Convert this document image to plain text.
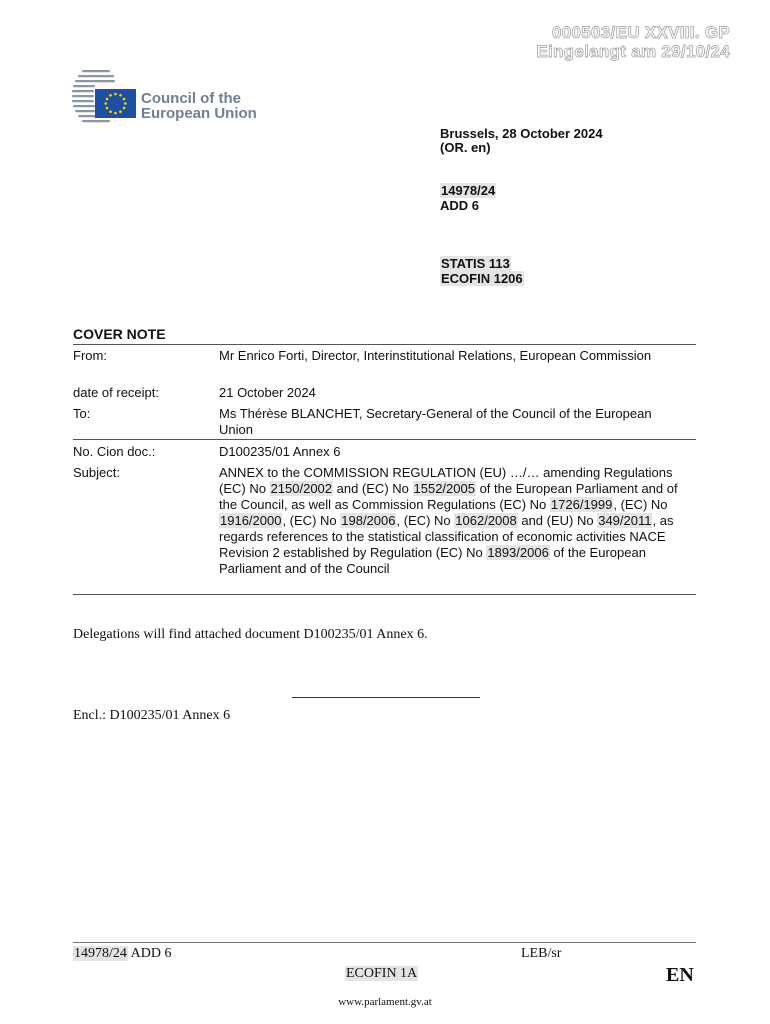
000503/EU XXVIII. GP
Eingelangt am 29/10/24
Council of the
European Union
Brussels, 28 October 2024
(OR. en)
14978/24
ADD 6
STATIS 113
ECOFIN 1206
COVER NOTE
From:	Mr Enrico Forti, Director, Interinstitutional Relations, European Commission
date of receipt:	21 October 2024
To:	Ms Thérèse BLANCHET, Secretary-General of the Council of the European Union
No. Cion doc.:	D100235/01 Annex 6
Subject:	ANNEX to the COMMISSION REGULATION (EU) …/… amending Regulations (EC) No 2150/2002 and (EC) No 1552/2005 of the European Parliament and of the Council, as well as Commission Regulations (EC) No 1726/1999, (EC) No 1916/2000, (EC) No 198/2006, (EC) No 1062/2008 and (EU) No 349/2011, as regards references to the statistical classification of economic activities NACE Revision 2 established by Regulation (EC) No 1893/2006 of the European Parliament and of the Council
Delegations will find attached document D100235/01 Annex 6.
Encl.: D100235/01 Annex 6
14978/24 ADD 6	LEB/sr
ECOFIN 1A	EN
www.parlament.gv.at
